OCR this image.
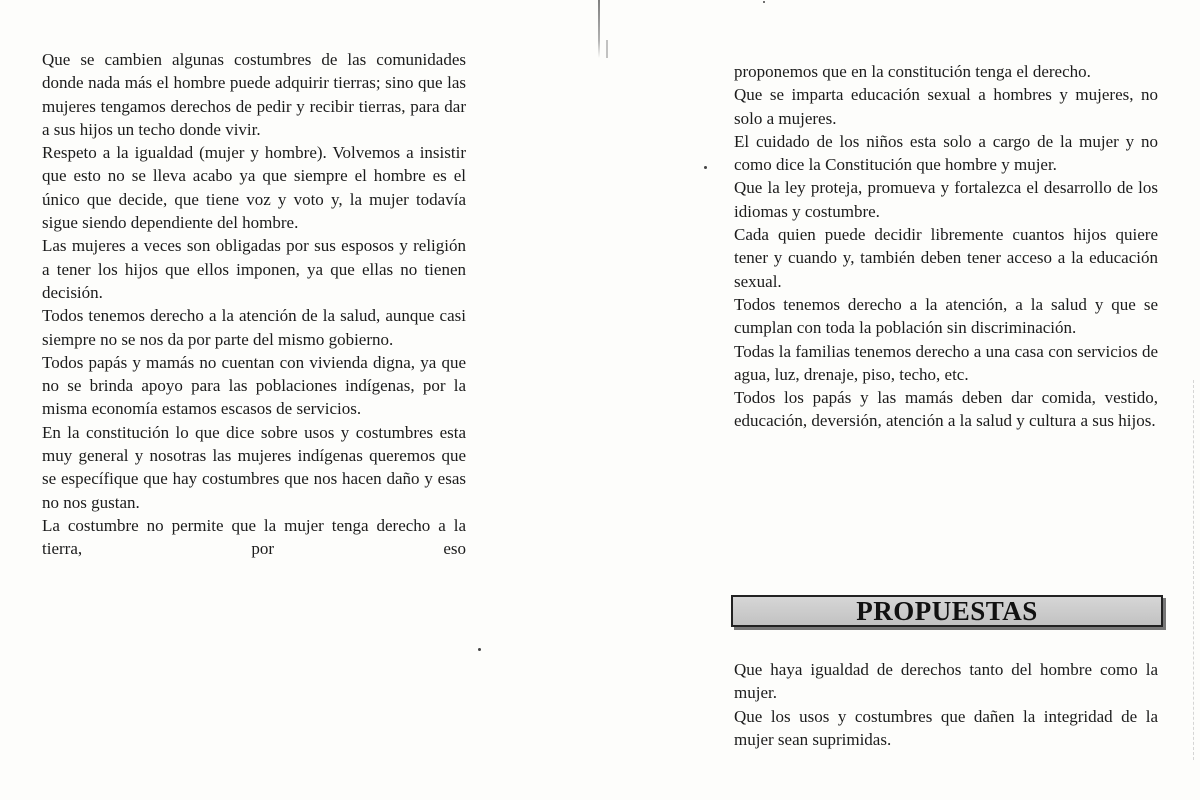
Que se cambien algunas costumbres de las comunidades donde nada más el hombre puede adquirir tierras; sino que las mujeres tengamos derechos de pedir y recibir tierras, para dar a sus hijos un techo donde vivir.

Respeto a la igualdad (mujer y hombre). Volvemos a insistir que esto no se lleva acabo ya que siempre el hombre es el único que decide, que tiene voz y voto y, la mujer todavía sigue siendo dependiente del hombre.

Las mujeres a veces son obligadas por sus esposos y religión a tener los hijos que ellos imponen, ya que ellas no tienen decisión.

Todos tenemos derecho a la atención de la salud, aunque casi siempre no se nos da por parte del mismo gobierno.

Todos papás y mamás no cuentan con vivienda digna, ya que no se brinda apoyo para las poblaciones indígenas, por la misma economía estamos escasos de servicios.

En la constitución lo que dice sobre usos y costumbres esta muy general y nosotras las mujeres indígenas queremos que se específique que hay costumbres que nos hacen daño y esas no nos gustan.

La costumbre no permite que la mujer tenga derecho a la tierra, por eso

proponemos que en la constitución tenga el derecho.

Que se imparta educación sexual a hombres y mujeres, no solo a mujeres.

El cuidado de los niños esta solo a cargo de la mujer y no como dice la Constitución que hombre y mujer.

Que la ley proteja, promueva y fortalezca el desarrollo de los idiomas y costumbre.

Cada quien puede decidir libremente cuantos hijos quiere tener y cuando y, también deben tener acceso a la educación sexual.

Todos tenemos derecho a la atención, a la salud y que se cumplan con toda la población sin discriminación.

Todas la familias tenemos derecho a una casa con servicios de agua, luz, drenaje, piso, techo, etc.

Todos los papás y las mamás deben dar comida, vestido, educación, deversión, atención a la salud y cultura a sus hijos.

PROPUESTAS

Que haya igualdad de derechos tanto del hombre como la mujer.

Que los usos y costumbres que dañen la integridad de la mujer sean suprimidas.
